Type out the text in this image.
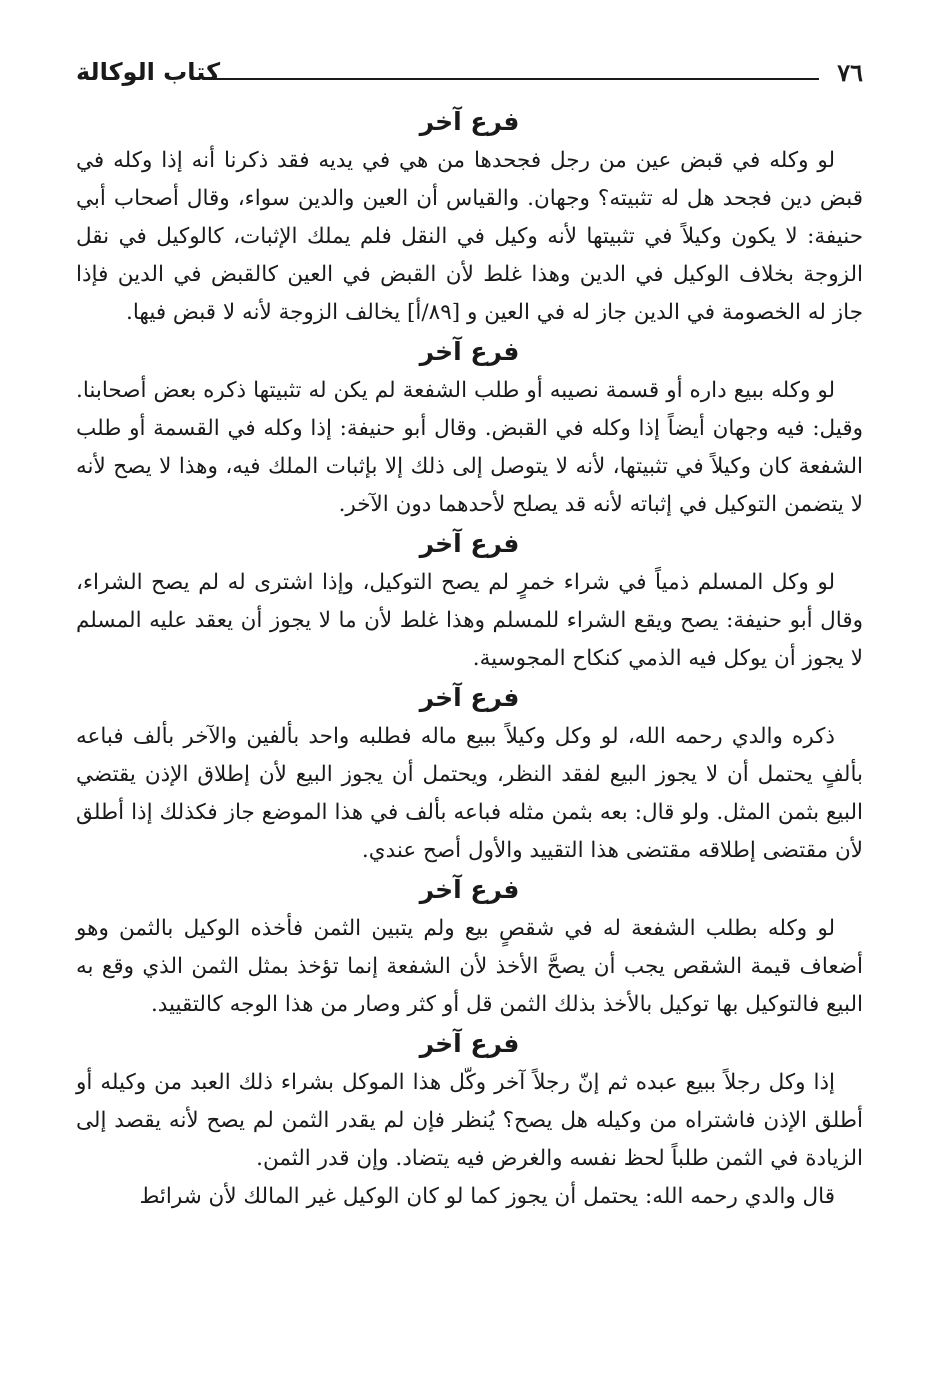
٧٦
كتاب الوكالة
فرع آخر

لو وكله في قبض عين من رجل فجحدها من هي في يديه فقد ذكرنا أنه إذا وكله في قبض دين فجحد هل له تثبيته؟ وجهان. والقياس أن العين والدين سواء، وقال أصحاب أبي حنيفة: لا يكون وكيلاً في تثبيتها لأنه وكيل في النقل فلم يملك الإثبات، كالوكيل في نقل الزوجة بخلاف الوكيل في الدين وهذا غلط لأن القبض في العين كالقبض في الدين فإذا جاز له الخصومة في الدين جاز له في العين و [٨٩/أ] يخالف الزوجة لأنه لا قبض فيها.

فرع آخر

لو وكله ببيع داره أو قسمة نصيبه أو طلب الشفعة لم يكن له تثبيتها ذكره بعض أصحابنا. وقيل: فيه وجهان أيضاً إذا وكله في القبض. وقال أبو حنيفة: إذا وكله في القسمة أو طلب الشفعة كان وكيلاً في تثبيتها، لأنه لا يتوصل إلى ذلك إلا بإثبات الملك فيه، وهذا لا يصح لأنه لا يتضمن التوكيل في إثباته لأنه قد يصلح لأحدهما دون الآخر.

فرع آخر

لو وكل المسلم ذمياً في شراء خمرٍ لم يصح التوكيل، وإذا اشترى له لم يصح الشراء، وقال أبو حنيفة: يصح ويقع الشراء للمسلم وهذا غلط لأن ما لا يجوز أن يعقد عليه المسلم لا يجوز أن يوكل فيه الذمي كنكاح المجوسية.

فرع آخر

ذكره والدي رحمه الله، لو وكل وكيلاً ببيع ماله فطلبه واحد بألفين والآخر بألف فباعه بألفٍ يحتمل أن لا يجوز البيع لفقد النظر، ويحتمل أن يجوز البيع لأن إطلاق الإذن يقتضي البيع بثمن المثل. ولو قال: بعه بثمن مثله فباعه بألف في هذا الموضع جاز فكذلك إذا أطلق لأن مقتضى إطلاقه مقتضى هذا التقييد والأول أصح عندي.

فرع آخر

لو وكله بطلب الشفعة له في شقصٍ بيع ولم يتبين الثمن فأخذه الوكيل بالثمن وهو أضعاف قيمة الشقص يجب أن يصحَّ الأخذ لأن الشفعة إنما تؤخذ بمثل الثمن الذي وقع به البيع فالتوكيل بها توكيل بالأخذ بذلك الثمن قل أو كثر وصار من هذا الوجه كالتقييد.

فرع آخر

إذا وكل رجلاً ببيع عبده ثم إنّ رجلاً آخر وكّل هذا الموكل بشراء ذلك العبد من وكيله أو أطلق الإذن فاشتراه من وكيله هل يصح؟ يُنظر فإن لم يقدر الثمن لم يصح لأنه يقصد إلى الزيادة في الثمن طلباً لحظ نفسه والغرض فيه يتضاد. وإن قدر الثمن.

قال والدي رحمه الله: يحتمل أن يجوز كما لو كان الوكيل غير المالك لأن شرائط
